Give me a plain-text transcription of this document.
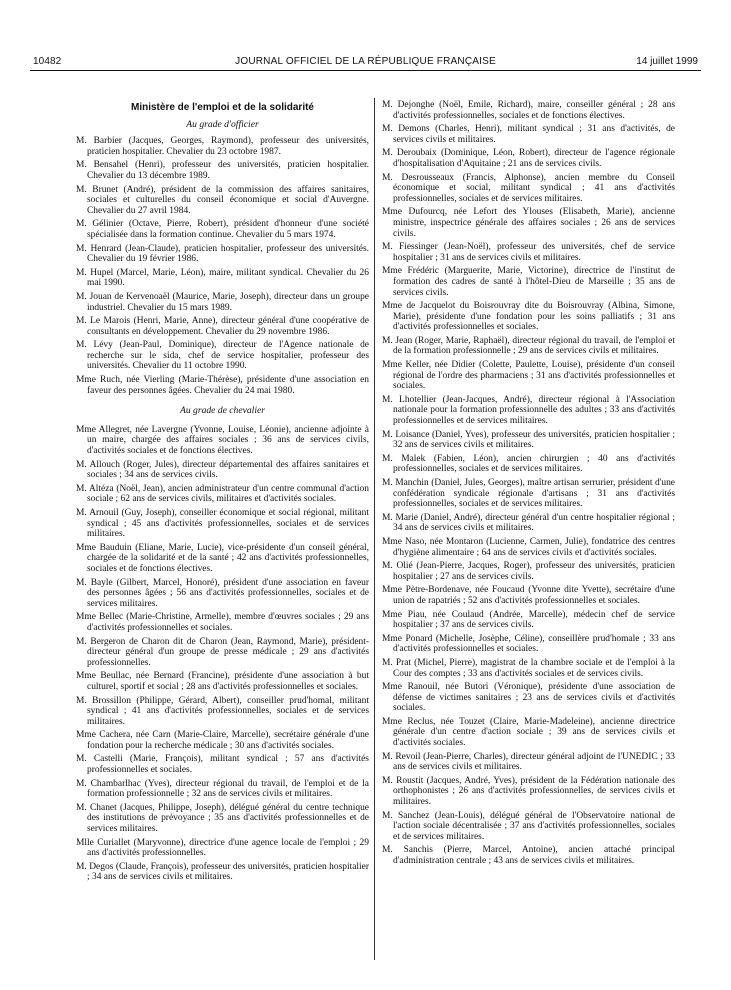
10482	JOURNAL OFFICIEL DE LA RÉPUBLIQUE FRANÇAISE	14 juillet 1999
Ministère de l'emploi et de la solidarité
Au grade d'officier

M. Barbier (Jacques, Georges, Raymond), professeur des universités, praticien hospitalier. Chevalier du 23 octobre 1987.

M. Bensahel (Henri), professeur des universités, praticien hospitalier. Chevalier du 13 décembre 1989.

M. Brunet (André), président de la commission des affaires sanitaires, sociales et culturelles du conseil économique et social d'Auvergne. Chevalier du 27 avril 1984.

M. Gélinier (Octave, Pierre, Robert), président d'honneur d'une société spécialisée dans la formation continue. Chevalier du 5 mars 1974.

M. Henrard (Jean-Claude), praticien hospitalier, professeur des universités. Chevalier du 19 février 1986.

M. Hupel (Marcel, Marie, Léon), maire, militant syndical. Chevalier du 26 mai 1990.

M. Jouan de Kervenoaël (Maurice, Marie, Joseph), directeur dans un groupe industriel. Chevalier du 15 mars 1989.

M. Le Marois (Henri, Marie, Anne), directeur général d'une coopérative de consultants en développement. Chevalier du 29 novembre 1986.

M. Lévy (Jean-Paul, Dominique), directeur de l'Agence nationale de recherche sur le sida, chef de service hospitalier, professeur des universités. Chevalier du 11 octobre 1990.

Mme Ruch, née Vierling (Marie-Thérèse), présidente d'une association en faveur des personnes âgées. Chevalier du 24 mai 1980.

Au grade de chevalier

Mme Allegret, née Lavergne (Yvonne, Louise, Léonie), ancienne adjointe à un maire, chargée des affaires sociales ; 36 ans de services civils, d'activités sociales et de fonctions électives.

M. Allouch (Roger, Jules), directeur départemental des affaires sanitaires et sociales ; 34 ans de services civils.

M. Altéza (Noël, Jean), ancien administrateur d'un centre communal d'action sociale ; 62 ans de services civils, militaires et d'activités sociales.

M. Arnouil (Guy, Joseph), conseiller économique et social régional, militant syndical ; 45 ans d'activités professionnelles, sociales et de services militaires.

Mme Bauduin (Eliane, Marie, Lucie), vice-présidente d'un conseil général, chargée de la solidarité et de la santé ; 42 ans d'activités professionnelles, sociales et de fonctions électives.

M. Bayle (Gilbert, Marcel, Honoré), président d'une association en faveur des personnes âgées ; 56 ans d'activités professionnelles, sociales et de services militaires.

Mme Bellec (Marie-Christine, Armelle), membre d'œuvres sociales ; 29 ans d'activités professionnelles et sociales.

M. Bergeron de Charon dit de Charon (Jean, Raymond, Marie), président-directeur général d'un groupe de presse médicale ; 29 ans d'activités professionnelles.

Mme Beullac, née Bernard (Francine), présidente d'une association à but culturel, sportif et social ; 28 ans d'activités professionnelles et sociales.

M. Brossillon (Philippe, Gérard, Albert), conseiller prud'homal, militant syndical ; 41 ans d'activités professionnelles, sociales et de services militaires.

Mme Cachera, née Carn (Marie-Claire, Marcelle), secrétaire générale d'une fondation pour la recherche médicale ; 30 ans d'activités sociales.

M. Castelli (Marie, François), militant syndical ; 57 ans d'activités professionnelles et sociales.

M. Chambarlhac (Yves), directeur régional du travail, de l'emploi et de la formation professionnelle ; 32 ans de services civils et militaires.

M. Chanet (Jacques, Philippe, Joseph), délégué général du centre technique des institutions de prévoyance ; 35 ans d'activités professionnelles et de services militaires.

Mlle Curiallet (Maryvonne), directrice d'une agence locale de l'emploi ; 29 ans d'activités professionnelles.

M. Degos (Claude, François), professeur des universités, praticien hospitalier ; 34 ans de services civils et militaires.

M. Dejonghe (Noël, Emile, Richard), maire, conseiller général ; 28 ans d'activités professionnelles, sociales et de fonctions électives.

M. Demons (Charles, Henri), militant syndical ; 31 ans d'activités, de services civils et militaires.

M. Deroubaix (Dominique, Léon, Robert), directeur de l'agence régionale d'hospitalisation d'Aquitaine ; 21 ans de services civils.

M. Desrousseaux (Francis, Alphonse), ancien membre du Conseil économique et social, militant syndical ; 41 ans d'activités professionnelles, sociales et de services militaires.

Mme Dufourcq, née Lefort des Ylouses (Elisabeth, Marie), ancienne ministre, inspectrice générale des affaires sociales ; 26 ans de services civils.

M. Fiessinger (Jean-Noël), professeur des universités, chef de service hospitalier ; 31 ans de services civils et militaires.

Mme Frédéric (Marguerite, Marie, Victorine), directrice de l'institut de formation des cadres de santé à l'hôtel-Dieu de Marseille ; 35 ans de services civils.

Mme de Jacquelot du Boisrouvray dite du Boisrouvray (Albina, Simone, Marie), présidente d'une fondation pour les soins palliatifs ; 31 ans d'activités professionnelles et sociales.

M. Jean (Roger, Marie, Raphaël), directeur régional du travail, de l'emploi et de la formation professionnelle ; 29 ans de services civils et militaires.

Mme Keller, née Didier (Colette, Paulette, Louise), présidente d'un conseil régional de l'ordre des pharmaciens ; 31 ans d'activités professionnelles et sociales.

M. Lhotellier (Jean-Jacques, André), directeur régional à l'Association nationale pour la formation professionnelle des adultes ; 33 ans d'activités professionnelles et de services militaires.

M. Loisance (Daniel, Yves), professeur des universités, praticien hospitalier ; 32 ans de services civils et militaires.

M. Malek (Fabien, Léon), ancien chirurgien ; 40 ans d'activités professionnelles, sociales et de services militaires.

M. Manchin (Daniel, Jules, Georges), maître artisan serrurier, président d'une confédération syndicale régionale d'artisans ; 31 ans d'activités professionnelles, sociales et de services militaires.

M. Marie (Daniel, André), directeur général d'un centre hospitalier régional ; 34 ans de services civils et militaires.

Mme Naso, née Montaron (Lucienne, Carmen, Julie), fondatrice des centres d'hygiène alimentaire ; 64 ans de services civils et d'activités sociales.

M. Olié (Jean-Pierre, Jacques, Roger), professeur des universités, praticien hospitalier ; 27 ans de services civils.

Mme Pètre-Bordenave, née Foucaud (Yvonne dite Yvette), secrétaire d'une union de rapatriés ; 52 ans d'activités professionnelles et sociales.

Mme Piau, née Coulaud (Andrée, Marcelle), médecin chef de service hospitalier ; 37 ans de services civils.

Mme Ponard (Michelle, Josèphe, Céline), conseillère prud'homale ; 33 ans d'activités professionnelles et sociales.

M. Prat (Michel, Pierre), magistrat de la chambre sociale et de l'emploi à la Cour des comptes ; 33 ans d'activités sociales et de services civils.

Mme Ranouil, née Butori (Véronique), présidente d'une association de défense de victimes sanitaires ; 23 ans de services civils et d'activités sociales.

Mme Reclus, née Touzet (Claire, Marie-Madeleine), ancienne directrice générale d'un centre d'action sociale ; 39 ans de services civils et d'activités sociales.

M. Revoil (Jean-Pierre, Charles), directeur général adjoint de l'UNEDIC ; 33 ans de services civils et militaires.

M. Roustit (Jacques, André, Yves), président de la Fédération nationale des orthophonistes ; 26 ans d'activités professionnelles, de services civils et militaires.

M. Sanchez (Jean-Louis), délégué général de l'Observatoire national de l'action sociale décentralisée ; 37 ans d'activités professionnelles, sociales et de services militaires.

M. Sanchis (Pierre, Marcel, Antoine), ancien attaché principal d'administration centrale ; 43 ans de services civils et militaires.
